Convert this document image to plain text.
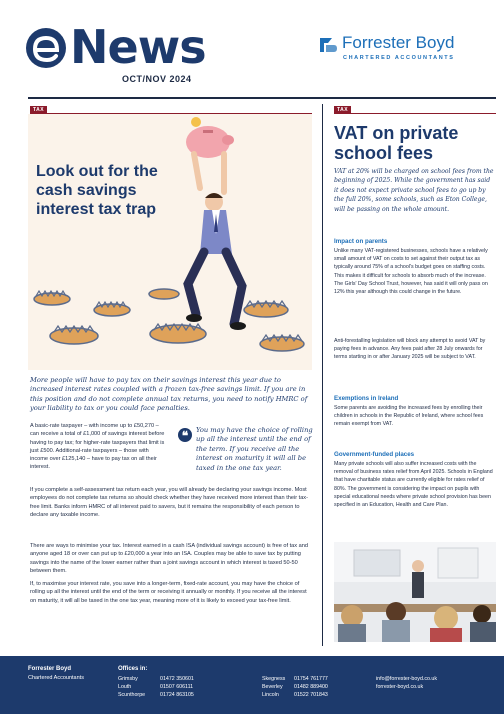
News
OCT/NOV 2024
Forrester Boyd
CHARTERED ACCOUNTANTS
TAX
Look out for the cash savings interest tax trap
More people will have to pay tax on their savings interest this year due to increased interest rates coupled with a frozen tax-free savings limit. If you are in this position and do not complete annual tax returns, you need to notify HMRC of your liability to tax or you could face penalties.
A basic-rate taxpayer – with income up to £50,270 – can receive a total of £1,000 of savings interest before having to pay tax; for higher-rate taxpayers that limit is just £500. Additional-rate taxpayers – those with income over £125,140 – have to pay tax on all their interest.
❝	You may have the choice of rolling up all the interest until the end of the term. If you receive all the interest on maturity it will all be taxed in the one tax year.
If you complete a self-assessment tax return each year, you will already be declaring your savings income. Most employees do not complete tax returns so should check whether they have received more interest than their tax-free limit. Banks inform HMRC of all interest paid to savers, but it remains the responsibility of each person to declare any taxable income.
There are ways to minimise your tax. Interest earned in a cash ISA (individual savings account) is free of tax and anyone aged 18 or over can put up to £20,000 a year into an ISA. Couples may be able to save tax by putting savings into the name of the lower earner rather than a joint savings account in which interest is taxed 50-50 between them.
If, to maximise your interest rate, you save into a longer-term, fixed-rate account, you may have the choice of rolling up all the interest until the end of the term or receiving it annually or monthly. If you receive all the interest on maturity, it will all be taxed in the one tax year, meaning more of it is likely to exceed your tax-free limit.
TAX
VAT on private school fees
VAT at 20% will be charged on school fees from the beginning of 2025. While the government has said it does not expect private school fees to go up by the full 20%, some schools, such as Eton College, will be passing on the whole amount.
Impact on parents
Unlike many VAT-registered businesses, schools have a relatively small amount of VAT on costs to set against their output tax as typically around 75% of a school's budget goes on staffing costs. This makes it difficult for schools to absorb much of the increase. The Girls' Day School Trust, however, has said it will only pass on 12% this year although this could change in the future.
Anti-forestalling legislation will block any attempt to avoid VAT by paying fees in advance. Any fees paid after 28 July onwards for terms starting in or after January 2025 will be subject to VAT.
Exemptions in Ireland
Some parents are avoiding the increased fees by enrolling their children in schools in the Republic of Ireland, where school fees remain exempt from VAT.
Government-funded places
Many private schools will also suffer increased costs with the removal of business rates relief from April 2025. Schools in England that have charitable status are currently eligible for rates relief of 80%. The government is considering the impact on pupils with special educational needs where private school provision has been specified in an Education, Health and Care Plan.
Forrester Boyd
Chartered Accountants
Offices in:
Grimsby	01472 350601
Louth	01507 606111
Scunthorpe	01724 863105
Skegness 01754 761777
Beverley 01482 889400
Lincoln	01522 701843
info@forrester-boyd.co.uk
forrester-boyd.co.uk
